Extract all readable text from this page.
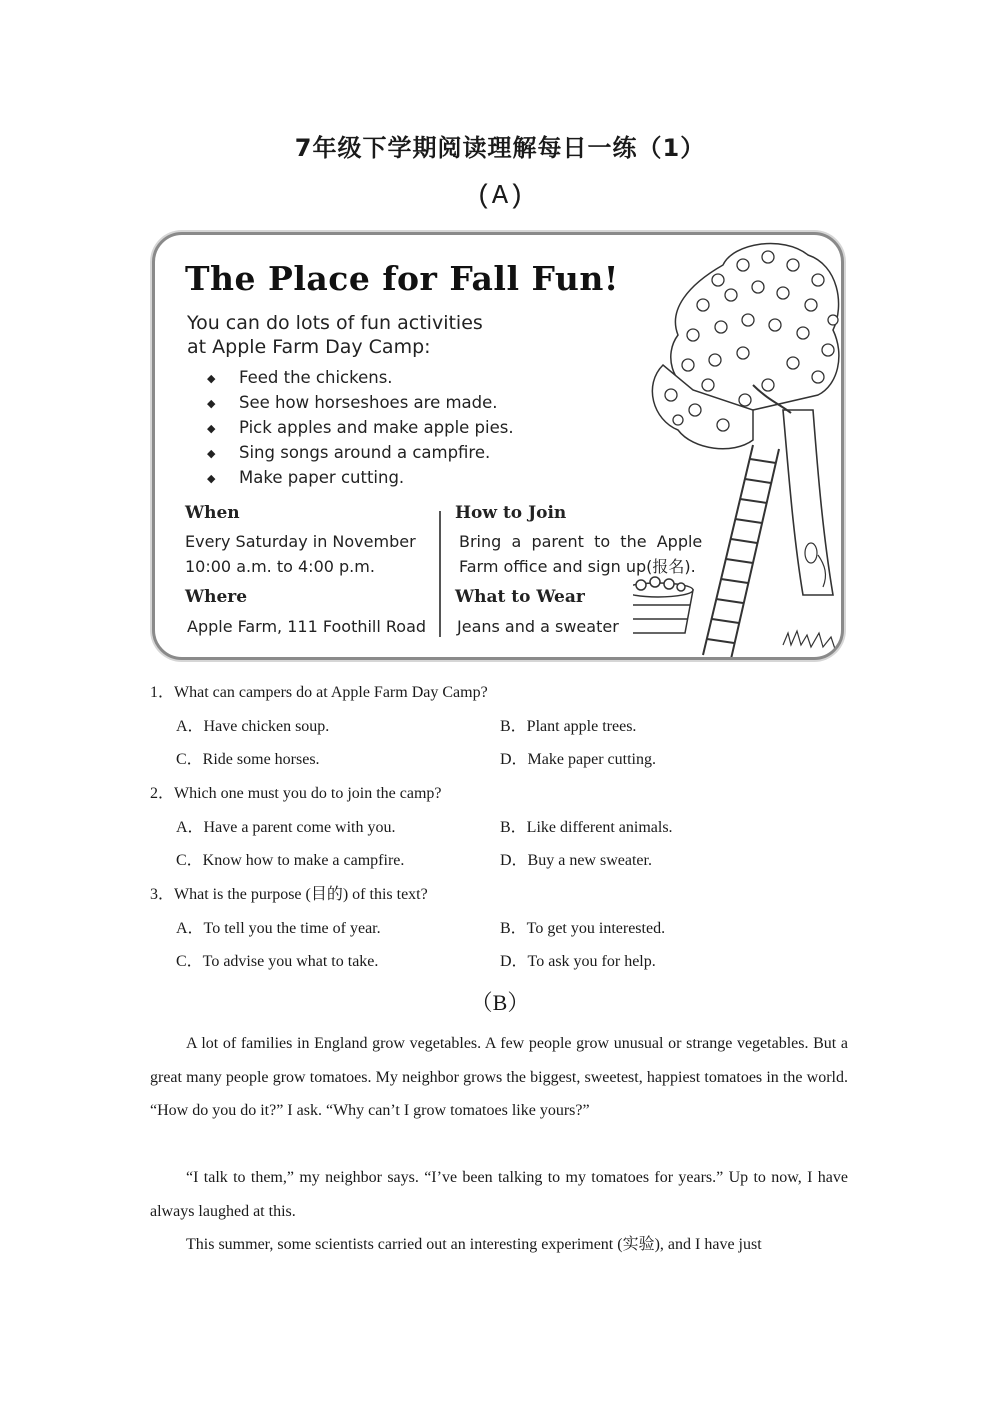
7年级下学期阅读理解每日一练（1）
(A)
The Place for Fall Fun!
You can do lots of fun activities
at Apple Farm Day Camp:
◆ Feed the chickens.
◆ See how horseshoes are made.
◆ Pick apples and make apple pies.
◆ Sing songs around a campfire.
◆ Make paper cutting.
When
Every Saturday in November
10:00 a.m. to 4:00 p.m.
Where
Apple Farm, 111 Foothill Road
How to Join
Bring  a  parent  to  the  Apple
Farm office and sign up(报名).
What to Wear
Jeans and a sweater
1．What can campers do at Apple Farm Day Camp?
A．Have chicken soup.	B．Plant apple trees.
C．Ride some horses.	D．Make paper cutting.
2．Which one must you do to join the camp?
A．Have a parent come with you.	B．Like different animals.
C．Know how to make a campfire.	D．Buy a new sweater.
3．What is the purpose (目的) of this text?
A．To tell you the time of year.	B．To get you interested.
C．To advise you what to take.	D．To ask you for help.
（B）
A lot of families in England grow vegetables. A few people grow unusual or strange vegetables. But a great many people grow tomatoes. My neighbor grows the biggest, sweetest, happiest tomatoes in the world. “How do you do it?” I ask. “Why can’t I grow tomatoes like yours?”
“I talk to them,” my neighbor says. “I’ve been talking to my tomatoes for years.” Up to now, I have always laughed at this.
This summer, some scientists carried out an interesting experiment (实验), and I have just
